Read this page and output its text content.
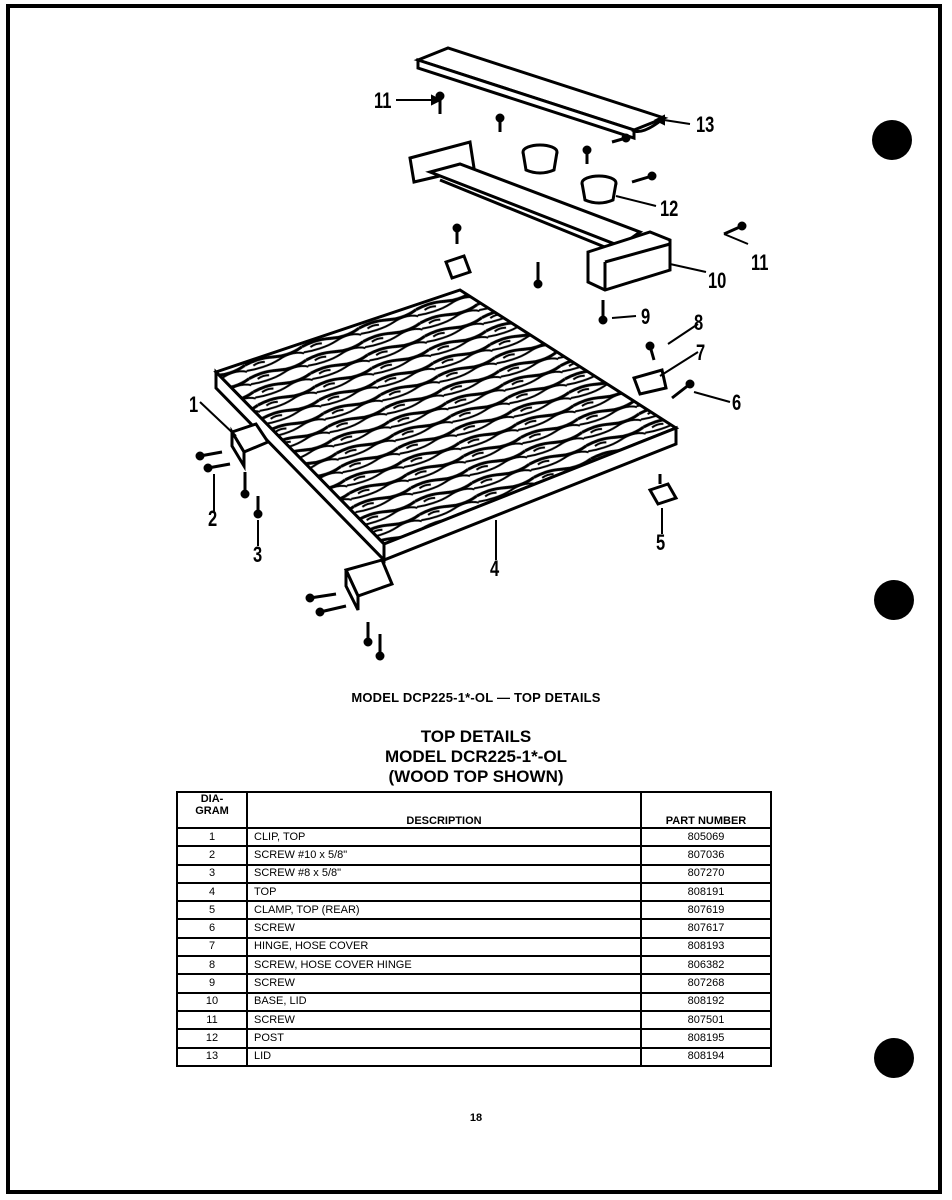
1
2
3
4
5
6
7
8
9
10
11
11
12
13
MODEL DCP225-1*-OL — TOP DETAILS
TOP DETAILS
MODEL DCR225-1*-OL
(WOOD TOP SHOWN)
DIA-
GRAM	DESCRIPTION	PART NUMBER
1	CLIP, TOP	805069
2	SCREW #10 x 5/8"	807036
3	SCREW #8 x 5/8"	807270
4	TOP	808191
5	CLAMP, TOP (REAR)	807619
6	SCREW	807617
7	HINGE, HOSE COVER	808193
8	SCREW, HOSE COVER HINGE	806382
9	SCREW	807268
10	BASE, LID	808192
11	SCREW	807501
12	POST	808195
13	LID	808194
18
